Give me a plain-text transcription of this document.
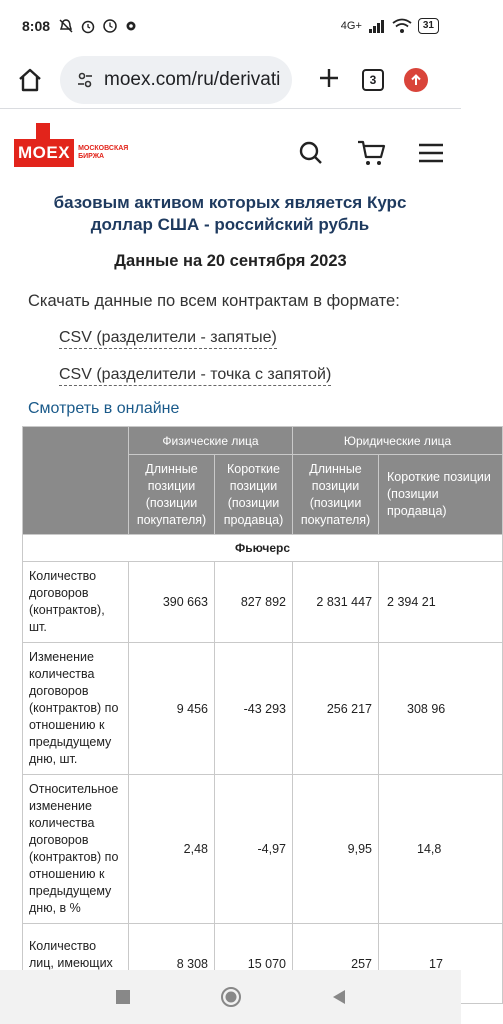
8:08	4G+	31
moex.com/ru/derivati	3
MOEX	МОСКОВСКАЯ БИРЖА
базовым активом которых является Курс доллар США - российский рубль
Данные на 20 сентября 2023
Скачать данные по всем контрактам в формате:
CSV (разделители - запятые)
CSV (разделители - точка с запятой)
Смотреть в онлайне
	Физические лица		Юридические лица	
	Длинные позиции (позиции покупателя)	Короткие позиции (позиции продавца)	Длинные позиции (позиции покупателя)	Короткие позиции (позиции продавца)
Фьючерс				
Количество договоров (контрактов), шт.	390 663	827 892	2 831 447	2 394 21
Изменение количества договоров (контрактов) по отношению к предыдущему дню, шт.	9 456	-43 293	256 217	308 96
Относительное изменение количества договоров (контрактов) по отношению к предыдущему дню, в %	2,48	-4,97	9,95	14,8
Количество лиц, имеющих	8 308	15 070	257	17
